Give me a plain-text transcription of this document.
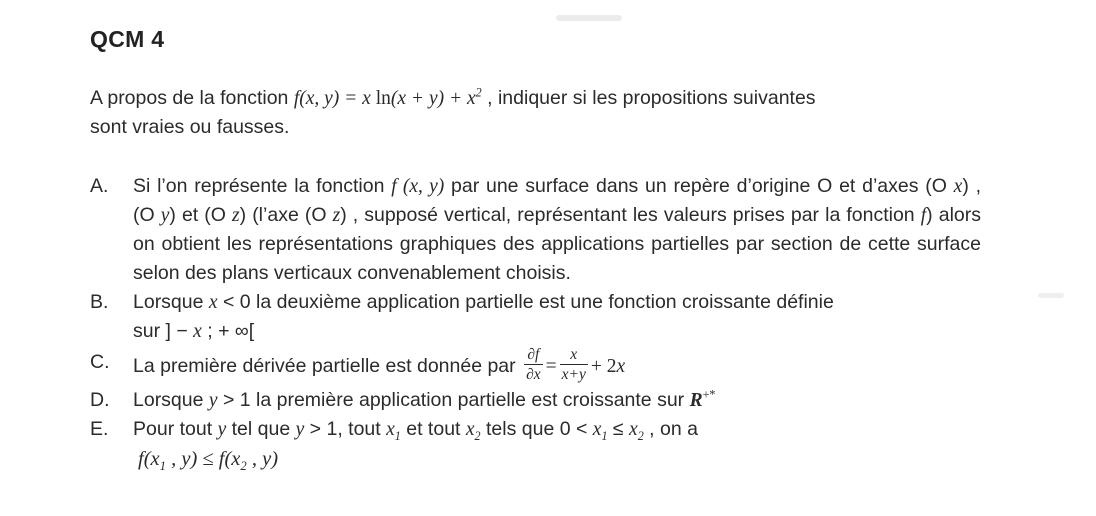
QCM 4

A propos de la fonction f(x, y) = x $\ln(x + y) + x^2$ , indiquer si les propositions suivantes
sont vraies ou fausses.

A.	Si l’on représente la fonction f (x, y) par une surface dans un repère d’origine O et d’axes (O x) , (O y) et (O z) (l’axe (O z) , supposé vertical, représentant les valeurs prises par la fonction f) alors on obtient les représentations graphiques des applications partielles par section de cette surface selon des plans verticaux convenablement choisis.
B.	Lorsque x < 0 la deuxième application partielle est une fonction croissante définie
sur ] − x ; + ∞[
C.	La première dérivée partielle est donnée par $\frac{\partial f}{\partial x} = \frac{x}{x+y} + 2x$
D.	Lorsque y > 1 la première application partielle est croissante sur R+*
E.	Pour tout y tel que y > 1, tout $x_1$ et tout $x_2$ tels que $0 < x_1 \le x_2$ , on a
$f(x_1$ , $y) \le f(x_2$ , y)
